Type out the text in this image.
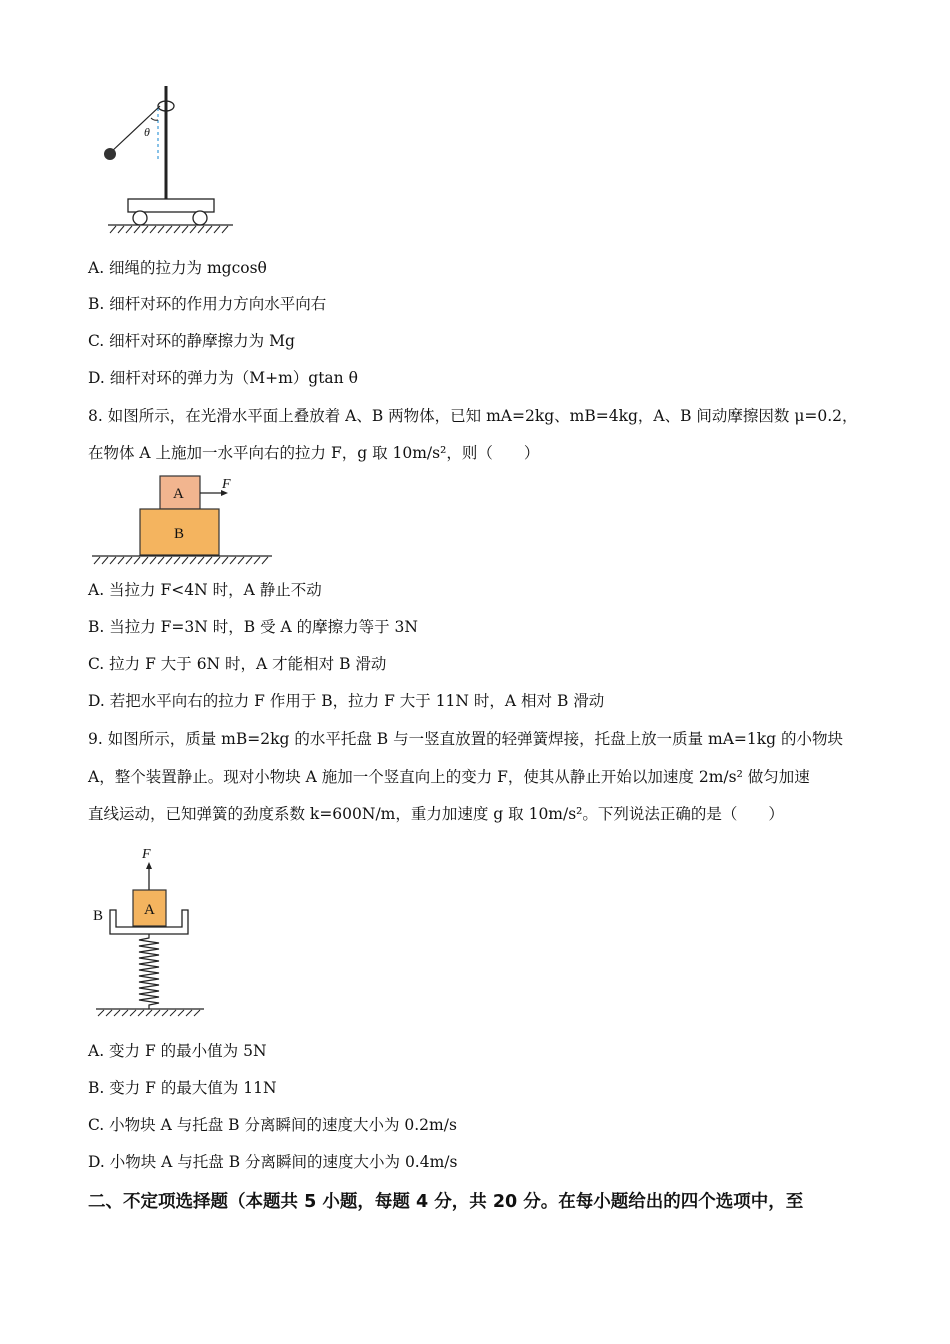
θ
A. 细绳的拉力为 mgcosθ
B. 细杆对环的作用力方向水平向右
C. 细杆对环的静摩擦力为 Mg
D. 细杆对环的弹力为（M+m）gtan θ
8. 如图所示，在光滑水平面上叠放着 A、B 两物体，已知 mA=2kg、mB=4kg，A、B 间动摩擦因数 μ=0.2，
在物体 A 上施加一水平向右的拉力 F，g 取 10m/s²，则（　　）
A
B
F
A. 当拉力 F<4N 时，A 静止不动
B. 当拉力 F=3N 时，B 受 A 的摩擦力等于 3N
C. 拉力 F 大于 6N 时，A 才能相对 B 滑动
D. 若把水平向右的拉力 F 作用于 B，拉力 F 大于 11N 时，A 相对 B 滑动
9. 如图所示，质量 mB=2kg 的水平托盘 B 与一竖直放置的轻弹簧焊接，托盘上放一质量 mA=1kg 的小物块
A，整个装置静止。现对小物块 A 施加一个竖直向上的变力 F，使其从静止开始以加速度 2m/s² 做匀加速
直线运动，已知弹簧的劲度系数 k=600N/m，重力加速度 g 取 10m/s²。下列说法正确的是（　　）
F
A
B
A. 变力 F 的最小值为 5N
B. 变力 F 的最大值为 11N
C. 小物块 A 与托盘 B 分离瞬间的速度大小为 0.2m/s
D. 小物块 A 与托盘 B 分离瞬间的速度大小为 0.4m/s
二、不定项选择题（本题共 5 小题，每题 4 分，共 20 分。在每小题给出的四个选项中，至
